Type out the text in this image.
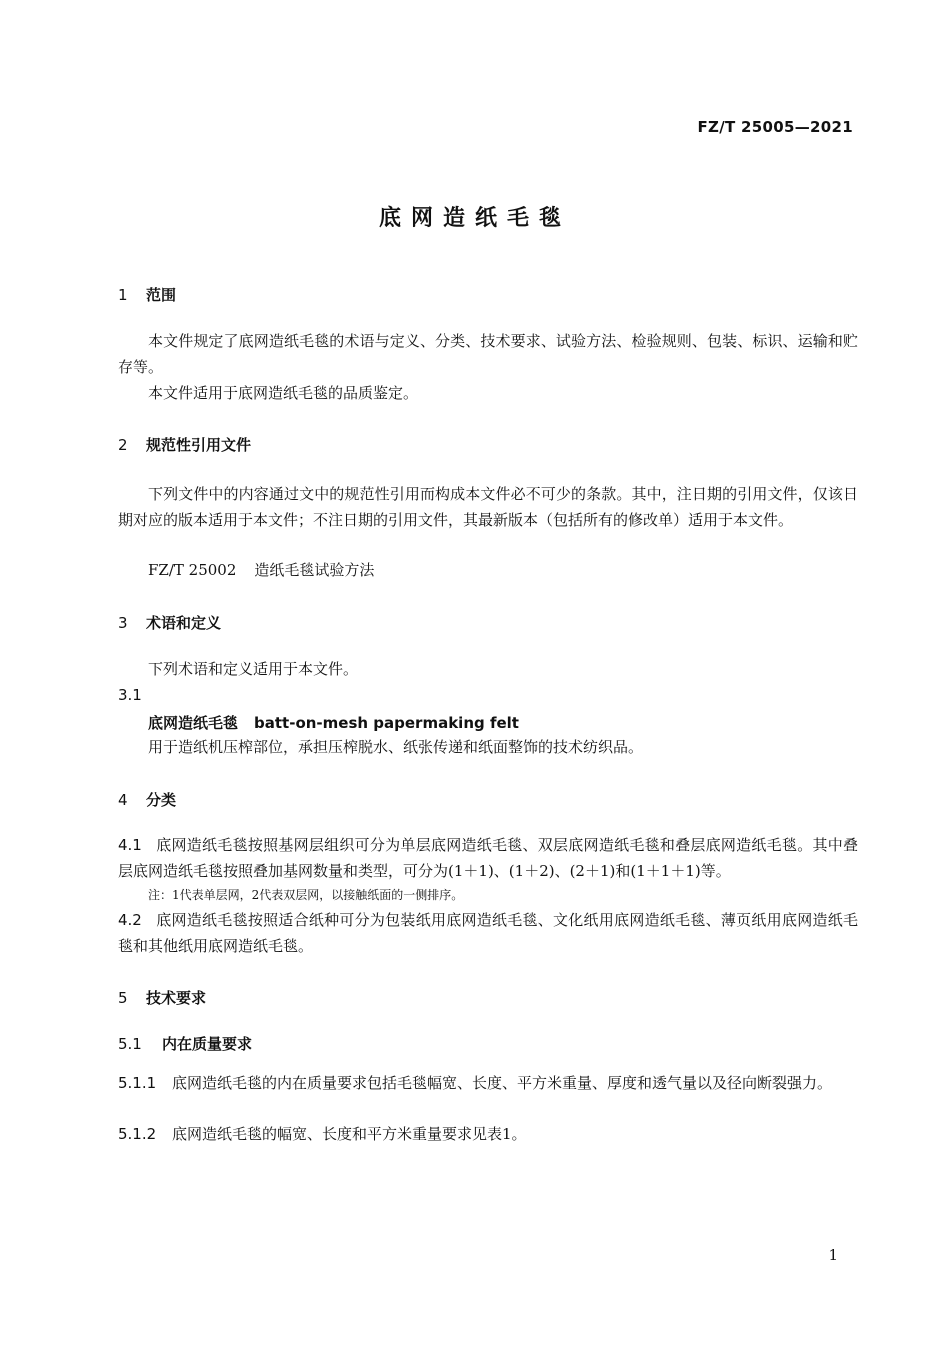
FZ/T 25005—2021
底网造纸毛毯
1 范围
本文件规定了底网造纸毛毯的术语与定义、分类、技术要求、试验方法、检验规则、包装、标识、运输和贮存等。
本文件适用于底网造纸毛毯的品质鉴定。
2 规范性引用文件
下列文件中的内容通过文中的规范性引用而构成本文件必不可少的条款。其中，注日期的引用文件，仅该日期对应的版本适用于本文件；不注日期的引用文件，其最新版本（包括所有的修改单）适用于本文件。
FZ/T 25002 造纸毛毯试验方法
3 术语和定义
下列术语和定义适用于本文件。
3.1
底网造纸毛毯 batt-on-mesh papermaking felt
用于造纸机压榨部位，承担压榨脱水、纸张传递和纸面整饰的技术纺织品。
4 分类
4.1 底网造纸毛毯按照基网层组织可分为单层底网造纸毛毯、双层底网造纸毛毯和叠层底网造纸毛毯。其中叠层底网造纸毛毯按照叠加基网数量和类型，可分为(1＋1)、(1＋2)、(2＋1)和(1＋1＋1)等。
注：1代表单层网，2代表双层网，以接触纸面的一侧排序。
4.2 底网造纸毛毯按照适合纸种可分为包装纸用底网造纸毛毯、文化纸用底网造纸毛毯、薄页纸用底网造纸毛毯和其他纸用底网造纸毛毯。
5 技术要求
5.1 内在质量要求
5.1.1 底网造纸毛毯的内在质量要求包括毛毯幅宽、长度、平方米重量、厚度和透气量以及径向断裂强力。
5.1.2 底网造纸毛毯的幅宽、长度和平方米重量要求见表1。
1
